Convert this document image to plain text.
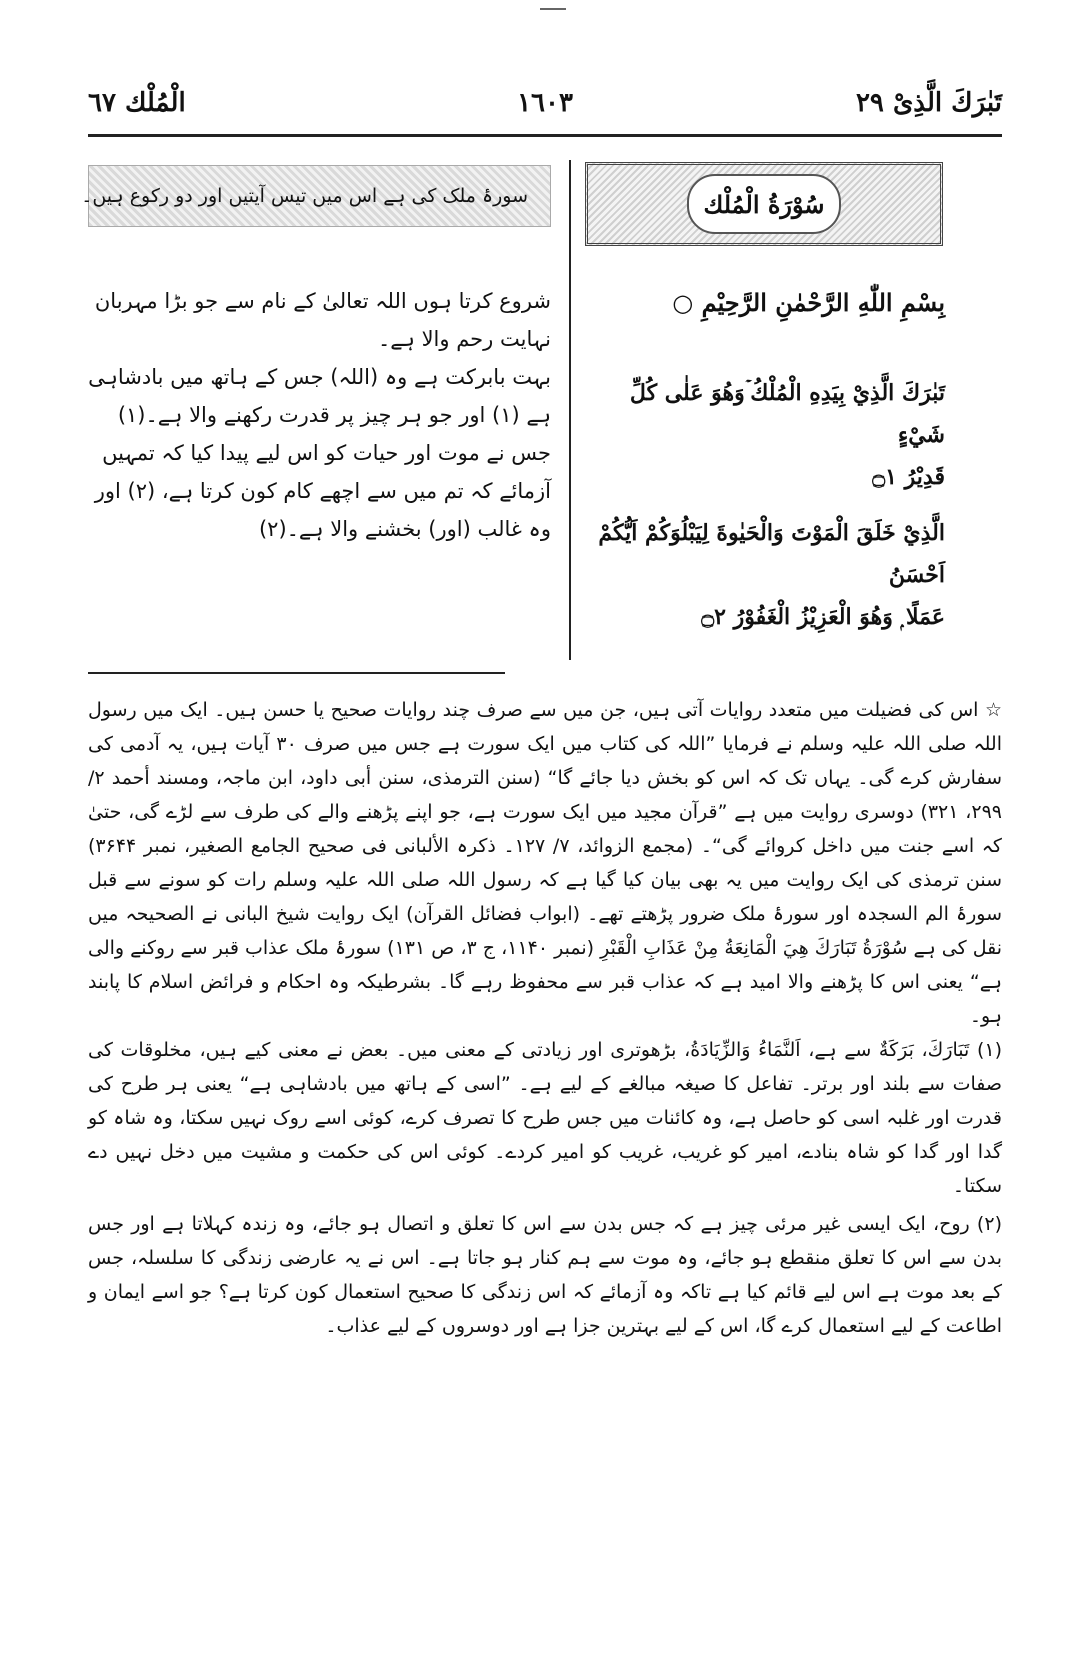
الْمُلْك ٦٧	١٦٠٣	تَبٰرَكَ الَّذِیْ ٢٩
سورۂ ملک کی ہے اس میں تیس آیتیں اور دو رکوع ہیں۔	سُوْرَةُ الْمُلْك

بِسْمِ اللّٰهِ الرَّحْمٰنِ الرَّحِيْمِ ○

تَبٰرَكَ الَّذِيْ بِيَدِهِ الْمُلْكُ ۡوَهُوَ عَلٰى كُلِّ شَيْءٍ

قَدِيْرُ ۝١

الَّذِيْ خَلَقَ الْمَوْتَ وَالْحَيٰوةَ لِيَبْلُوَكُمْ اَيُّكُمْ اَحْسَنُ

عَمَلًا ۭ وَهُوَ الْعَزِيْزُ الْغَفُوْرُ ۝٢

شروع کرتا ہوں اللہ تعالیٰ کے نام سے جو بڑا مہربان نہایت رحم والا ہے۔

بہت بابرکت ہے وہ (اللہ) جس کے ہاتھ میں بادشاہی ہے (۱) اور جو ہر چیز پر قدرت رکھنے والا ہے۔(۱)

جس نے موت اور حیات کو اس لیے پیدا کیا کہ تمہیں آزمائے کہ تم میں سے اچھے کام کون کرتا ہے، (۲) اور وہ غالب (اور) بخشنے والا ہے۔(۲)

☆ اس کی فضیلت میں متعدد روایات آتی ہیں، جن میں سے صرف چند روایات صحیح یا حسن ہیں۔ ایک میں رسول اللہ صلی اللہ علیہ وسلم نے فرمایا ”اللہ کی کتاب میں ایک سورت ہے جس میں صرف ۳۰ آیات ہیں، یہ آدمی کی سفارش کرے گی۔ یہاں تک کہ اس کو بخش دیا جائے گا“ (سنن الترمذی، سنن أبی داود، ابن ماجہ، ومسند أحمد ۲/ ۲۹۹، ۳۲۱) دوسری روایت میں ہے ”قرآن مجید میں ایک سورت ہے، جو اپنے پڑھنے والے کی طرف سے لڑے گی، حتیٰ کہ اسے جنت میں داخل کروائے گی“۔ (مجمع الزوائد، ۷/ ۱۲۷۔ ذکرہ الألبانی فی صحیح الجامع الصغیر، نمبر ۳۶۴۴) سنن ترمذی کی ایک روایت میں یہ بھی بیان کیا گیا ہے کہ رسول اللہ صلی اللہ علیہ وسلم رات کو سونے سے قبل سورۂ الم السجدہ اور سورۂ ملک ضرور پڑھتے تھے۔ (ابواب فضائل القرآن) ایک روایت شیخ البانی نے الصحیحہ میں نقل کی ہے سُوْرَةُ تَبَارَكَ هِيَ الْمَانِعَةُ مِنْ عَذَابِ الْقَبْرِ (نمبر ۱۱۴۰، ج ۳، ص ۱۳۱) سورۂ ملک عذاب قبر سے روکنے والی ہے“ یعنی اس کا پڑھنے والا امید ہے کہ عذاب قبر سے محفوظ رہے گا۔ بشرطیکہ وہ احکام و فرائض اسلام کا پابند ہو۔

(۱) تَبَارَكَ، بَرَكَةٌ سے ہے، اَلنَّمَاءُ وَالزِّيَادَةُ، بڑھوتری اور زیادتی کے معنی میں۔ بعض نے معنی کیے ہیں، مخلوقات کی صفات سے بلند اور برتر۔ تفاعل کا صیغہ مبالغے کے لیے ہے۔ ”اسی کے ہاتھ میں بادشاہی ہے“ یعنی ہر طرح کی قدرت اور غلبہ اسی کو حاصل ہے، وہ کائنات میں جس طرح کا تصرف کرے، کوئی اسے روک نہیں سکتا، وہ شاہ کو گدا اور گدا کو شاہ بنادے، امیر کو غریب، غریب کو امیر کردے۔ کوئی اس کی حکمت و مشیت میں دخل نہیں دے سکتا۔

(۲) روح، ایک ایسی غیر مرئی چیز ہے کہ جس بدن سے اس کا تعلق و اتصال ہو جائے، وہ زندہ کہلاتا ہے اور جس بدن سے اس کا تعلق منقطع ہو جائے، وہ موت سے ہم کنار ہو جاتا ہے۔ اس نے یہ عارضی زندگی کا سلسلہ، جس کے بعد موت ہے اس لیے قائم کیا ہے تاکہ وہ آزمائے کہ اس زندگی کا صحیح استعمال کون کرتا ہے؟ جو اسے ایمان و اطاعت کے لیے استعمال کرے گا، اس کے لیے بہترین جزا ہے اور دوسروں کے لیے عذاب۔
